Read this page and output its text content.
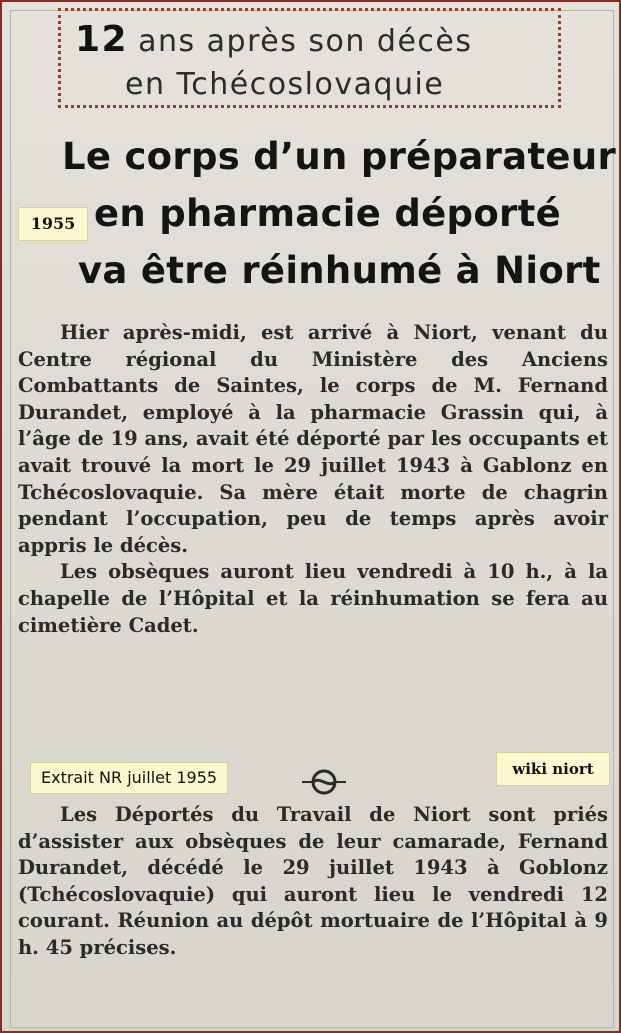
12 ans après son décès
en Tchécoslovaquie
Le corps d’un préparateur
en pharmacie déporté
va être réinhumé à Niort
1955

Hier après-midi, est arrivé à Niort, venant du Centre régional du Ministère des Anciens Combattants de Saintes, le corps de M. Fernand Durandet, employé à la pharmacie Grassin qui, à l’âge de 19 ans, avait été déporté par les occupants et avait trouvé la mort le 29 juillet 1943 à Gablonz en Tchécoslovaquie. Sa mère était morte de chagrin pendant l’occupation, peu de temps après avoir appris le décès.

Les obsèques auront lieu vendredi à 10 h., à la chapelle de l’Hôpital et la réinhumation se fera au cimetière Cadet.

Extrait NR juillet 1955	wiki niort

Les Déportés du Travail de Niort sont priés d’assister aux obsèques de leur camarade, Fernand Durandet, décédé le 29 juillet 1943 à Goblonz (Tchécoslovaquie) qui auront lieu le vendredi 12 courant. Réunion au dépôt mortuaire de l’Hôpital à 9 h. 45 précises.
